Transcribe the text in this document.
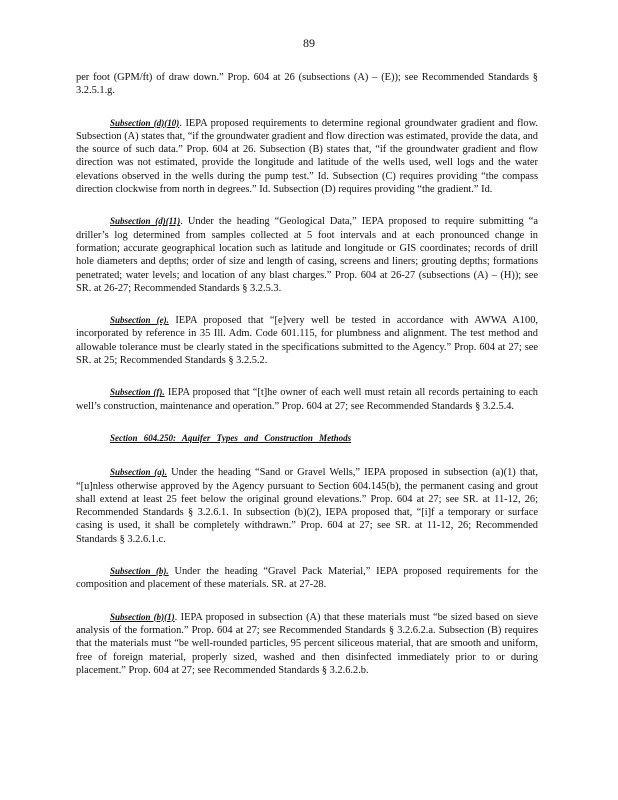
89

per foot (GPM/ft) of draw down.” Prop. 604 at 26 (subsections (A) – (E)); see Recommended Standards § 3.2.5.1.g.

Subsection (d)(10). IEPA proposed requirements to determine regional groundwater gradient and flow. Subsection (A) states that, “if the groundwater gradient and flow direction was estimated, provide the data, and the source of such data.” Prop. 604 at 26. Subsection (B) states that, “if the groundwater gradient and flow direction was not estimated, provide the longitude and latitude of the wells used, well logs and the water elevations observed in the wells during the pump test.” Id. Subsection (C) requires providing “the compass direction clockwise from north in degrees.” Id. Subsection (D) requires providing “the gradient.” Id.

Subsection (d)(11). Under the heading “Geological Data,” IEPA proposed to require submitting “a driller’s log determined from samples collected at 5 foot intervals and at each pronounced change in formation; accurate geographical location such as latitude and longitude or GIS coordinates; records of drill hole diameters and depths; order of size and length of casing, screens and liners; grouting depths; formations penetrated; water levels; and location of any blast charges.” Prop. 604 at 26-27 (subsections (A) – (H)); see SR. at 26-27; Recommended Standards § 3.2.5.3.

Subsection (e). IEPA proposed that “[e]very well be tested in accordance with AWWA A100, incorporated by reference in 35 Ill. Adm. Code 601.115, for plumbness and alignment. The test method and allowable tolerance must be clearly stated in the specifications submitted to the Agency.” Prop. 604 at 27; see SR. at 25; Recommended Standards § 3.2.5.2.

Subsection (f). IEPA proposed that “[t]he owner of each well must retain all records pertaining to each well’s construction, maintenance and operation.” Prop. 604 at 27; see Recommended Standards § 3.2.5.4.

Section 604.250: Aquifer Types and Construction Methods

Subsection (a). Under the heading “Sand or Gravel Wells,” IEPA proposed in subsection (a)(1) that, “[u]nless otherwise approved by the Agency pursuant to Section 604.145(b), the permanent casing and grout shall extend at least 25 feet below the original ground elevations.” Prop. 604 at 27; see SR. at 11-12, 26; Recommended Standards § 3.2.6.1. In subsection (b)(2), IEPA proposed that, “[i]f a temporary or surface casing is used, it shall be completely withdrawn.” Prop. 604 at 27; see SR. at 11-12, 26; Recommended Standards § 3.2.6.1.c.

Subsection (b). Under the heading “Gravel Pack Material,” IEPA proposed requirements for the composition and placement of these materials. SR. at 27-28.

Subsection (b)(1). IEPA proposed in subsection (A) that these materials must “be sized based on sieve analysis of the formation.” Prop. 604 at 27; see Recommended Standards § 3.2.6.2.a. Subsection (B) requires that the materials must “be well-rounded particles, 95 percent siliceous material, that are smooth and uniform, free of foreign material, properly sized, washed and then disinfected immediately prior to or during placement.” Prop. 604 at 27; see Recommended Standards § 3.2.6.2.b.
